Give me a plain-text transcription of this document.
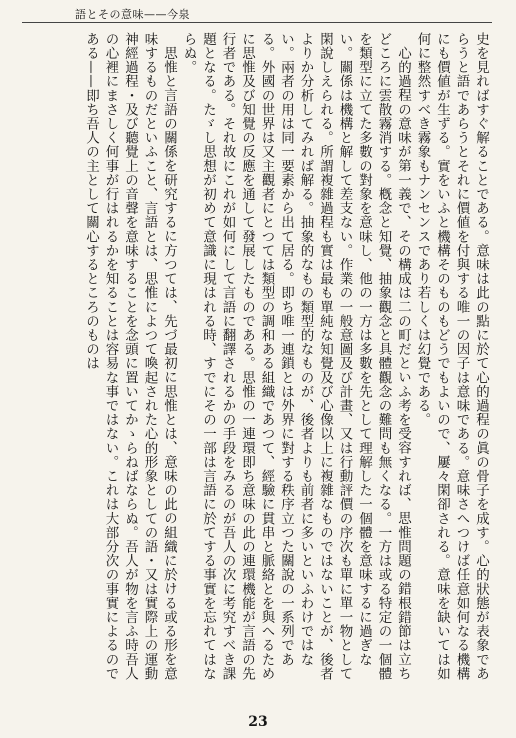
語とその意味——今泉

史を見ればすぐ解ることである。意味は此の點に於て心的過程の眞の骨子を成す。心的狀態が表象であらうと語であらうとそれに價値を付與する唯一の因子は意味である。意味さへつけば任意如何なる機構にも價値が生ずる。實をいふと機構そのものもどうでもよいので、屢々閑卻される。意味を缺いては如何に整然すべき霧象もナンセンスであり若しくは幻覺である。

心的過程の意味が第一義で、その構成は二の町だといふ考を受容すれば、思惟問題の錯根錯節は立ちどころに雲散霧消する。槪念と知覺、抽象觀念と具體觀念の難問も無くなる。一方は或る特定の一個體を類型に立てた多數の對象を意味し、他の一方は多數を先として理解した一個體を意味するに過ぎない。關係は機構と解して差支ない。作業の一般意圖及び計畫、又は行動評價の序次も單に單一物として閑說しえられる。所謂複雜過程も實は最も單純な知覺及び心像以上に複雜なものではないことが、後者よりか分析してみれば解る。抽象的なもの類型的なものが、後者よりも前者に多いといふわけではない。兩者の用は同一要素から出て居る。即ち唯一連鎖とは外界に對する秩序立つた關說の一系列である。外國の世界は又主觀者にとつては類型の調和ある組織であつて、經驗に貫串と脈絡とを與へるために思惟及び知覺の反應を通して發展したものである。思惟の一連環即ち意味の此の連環機能が言語の先行者である。それ故にこれが如何にして言語に翻譯されるかの手段をみるのが吾人の次に考究すべき課題となる。たゞし思想が初めて意識に現はれる時、すでにその一部は言語に於てする事實を忘れてはならぬ。

思惟と言語の關係を研究するに方つては、先づ最初に思惟とは、意味の此の組織に於ける或る形を意味するものだといふこと、言語とは、思惟によつて喚起された心的形象としての語・又は實際上の運動神經過程・及び聽覺上の音聲を意味することを念頭に置いてかゝらねばならぬ。吾人が物を言ふ時吾人の心裡にまさしく何事が行はれるかを知ることは容易な事ではない。これは大部分次の事實によるのである——即ち吾人の主として關心するところのものは

23
